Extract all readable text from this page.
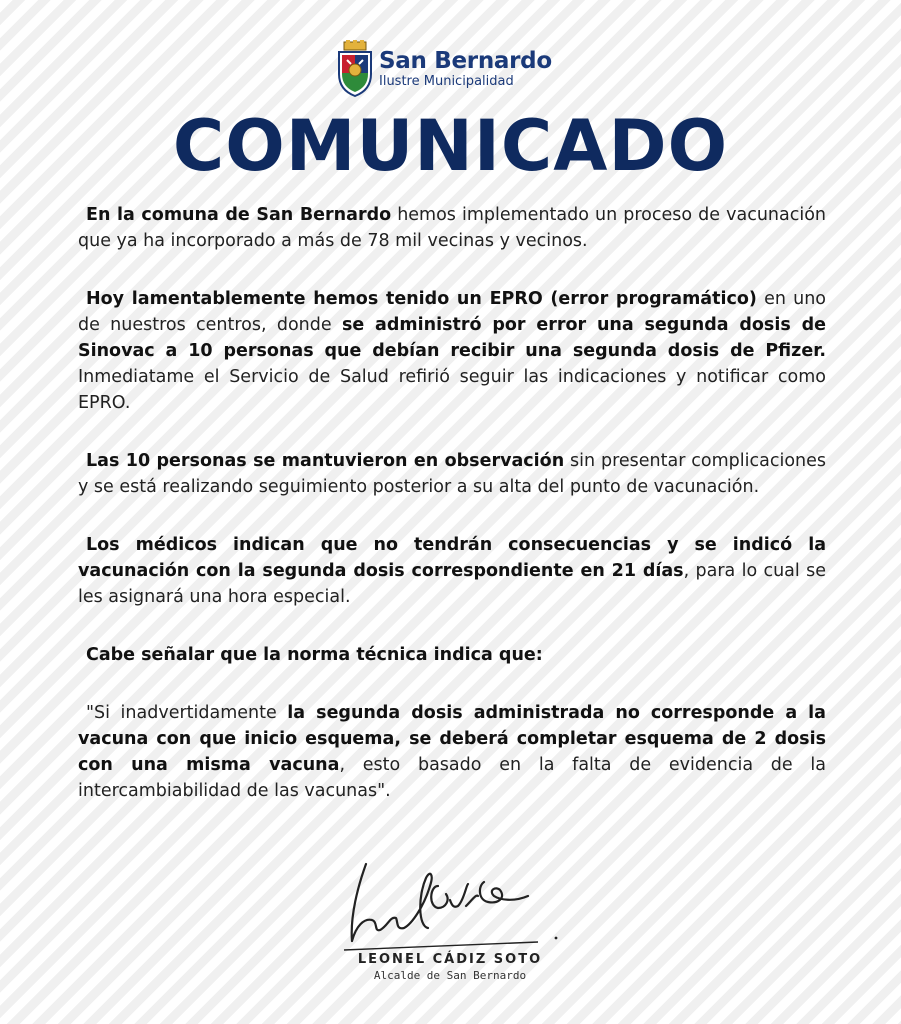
San Bernardo
Ilustre Municipalidad
COMUNICADO

En la comuna de San Bernardo hemos implementado un proceso de vacunación que ya ha incorporado a más de 78 mil vecinas y vecinos.

Hoy lamentablemente hemos tenido un EPRO (error programático) en uno de nuestros centros, donde se administró por error una segunda dosis de Sinovac a 10 personas que debían recibir una segunda dosis de Pfizer. Inmediatame el Servicio de Salud refirió seguir las indicaciones y notificar como EPRO.

Las 10 personas se mantuvieron en observación sin presentar complicaciones y se está realizando seguimiento posterior a su alta del punto de vacunación.

Los médicos indican que no tendrán consecuencias y se indicó la vacunación con la segunda dosis correspondiente en 21 días, para lo cual se les asignará una hora especial.

Cabe señalar que la norma técnica indica que:

"Si inadvertidamente la segunda dosis administrada no corresponde a la vacuna con que inicio esquema, se deberá completar esquema de 2 dosis con una misma vacuna, esto basado en la falta de evidencia de la intercambiabilidad de las vacunas".

LEONEL CÁDIZ SOTO
Alcalde de San Bernardo
